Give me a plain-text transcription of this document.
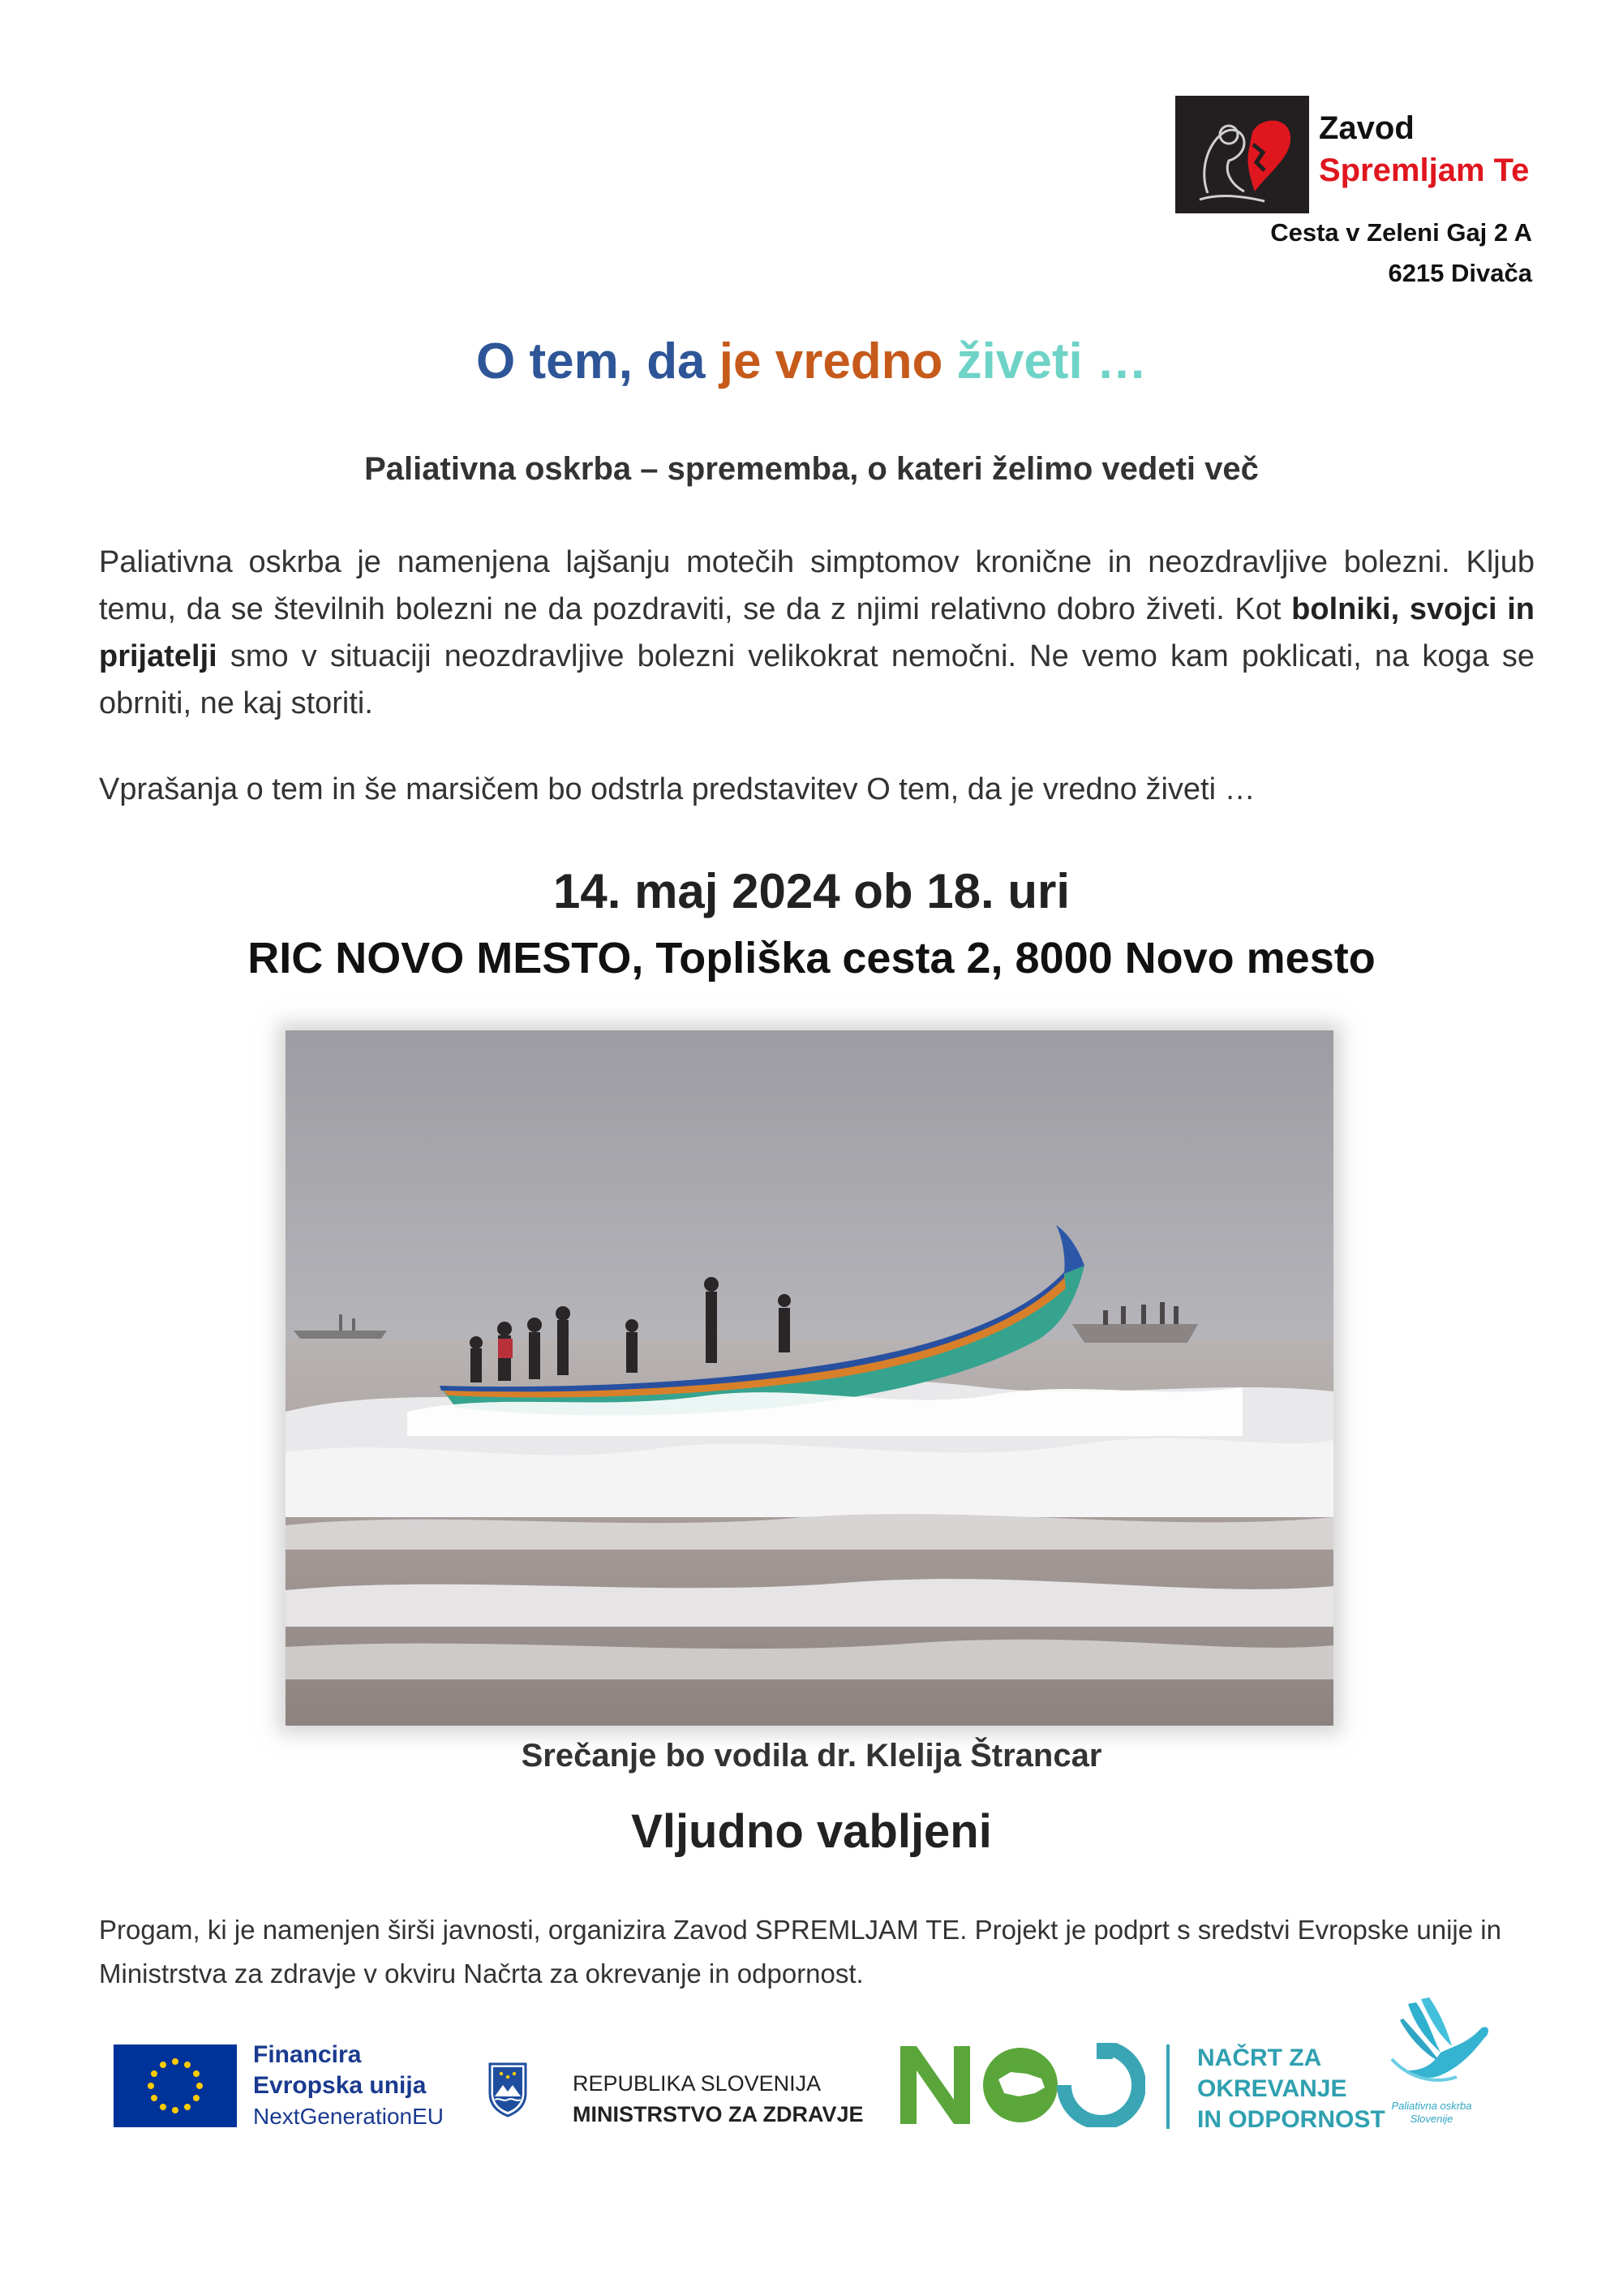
Zavod
Spremljam Te
Cesta v Zeleni Gaj 2 A
6215 Divača
O tem, da je vredno živeti …
Paliativna oskrba – sprememba, o kateri želimo vedeti več
Paliativna oskrba je namenjena lajšanju motečih simptomov kronične in neozdravljive bolezni. Kljub temu, da se številnih bolezni ne da pozdraviti, se da z njimi relativno dobro živeti. Kot bolniki, svojci in prijatelji smo v situaciji neozdravljive bolezni velikokrat nemočni. Ne vemo kam poklicati, na koga se obrniti, ne kaj storiti.
Vprašanja o tem in še marsičem bo odstrla predstavitev O tem, da je vredno živeti …
14. maj 2024 ob 18. uri
RIC NOVO MESTO, Topliška cesta 2, 8000 Novo mesto
Srečanje bo vodila dr. Klelija Štrancar
Vljudno vabljeni
Progam, ki je namenjen širši javnosti, organizira Zavod SPREMLJAM TE. Projekt je podprt s sredstvi Evropske unije in Ministrstva za zdravje v okviru Načrta za okrevanje in odpornost.
Financira
Evropska unija
NextGenerationEU
REPUBLIKA SLOVENIJA
MINISTRSTVO ZA ZDRAVJE
NAČRT ZA
OKREVANJE
IN ODPORNOST
Paliativna oskrba
Slovenije
